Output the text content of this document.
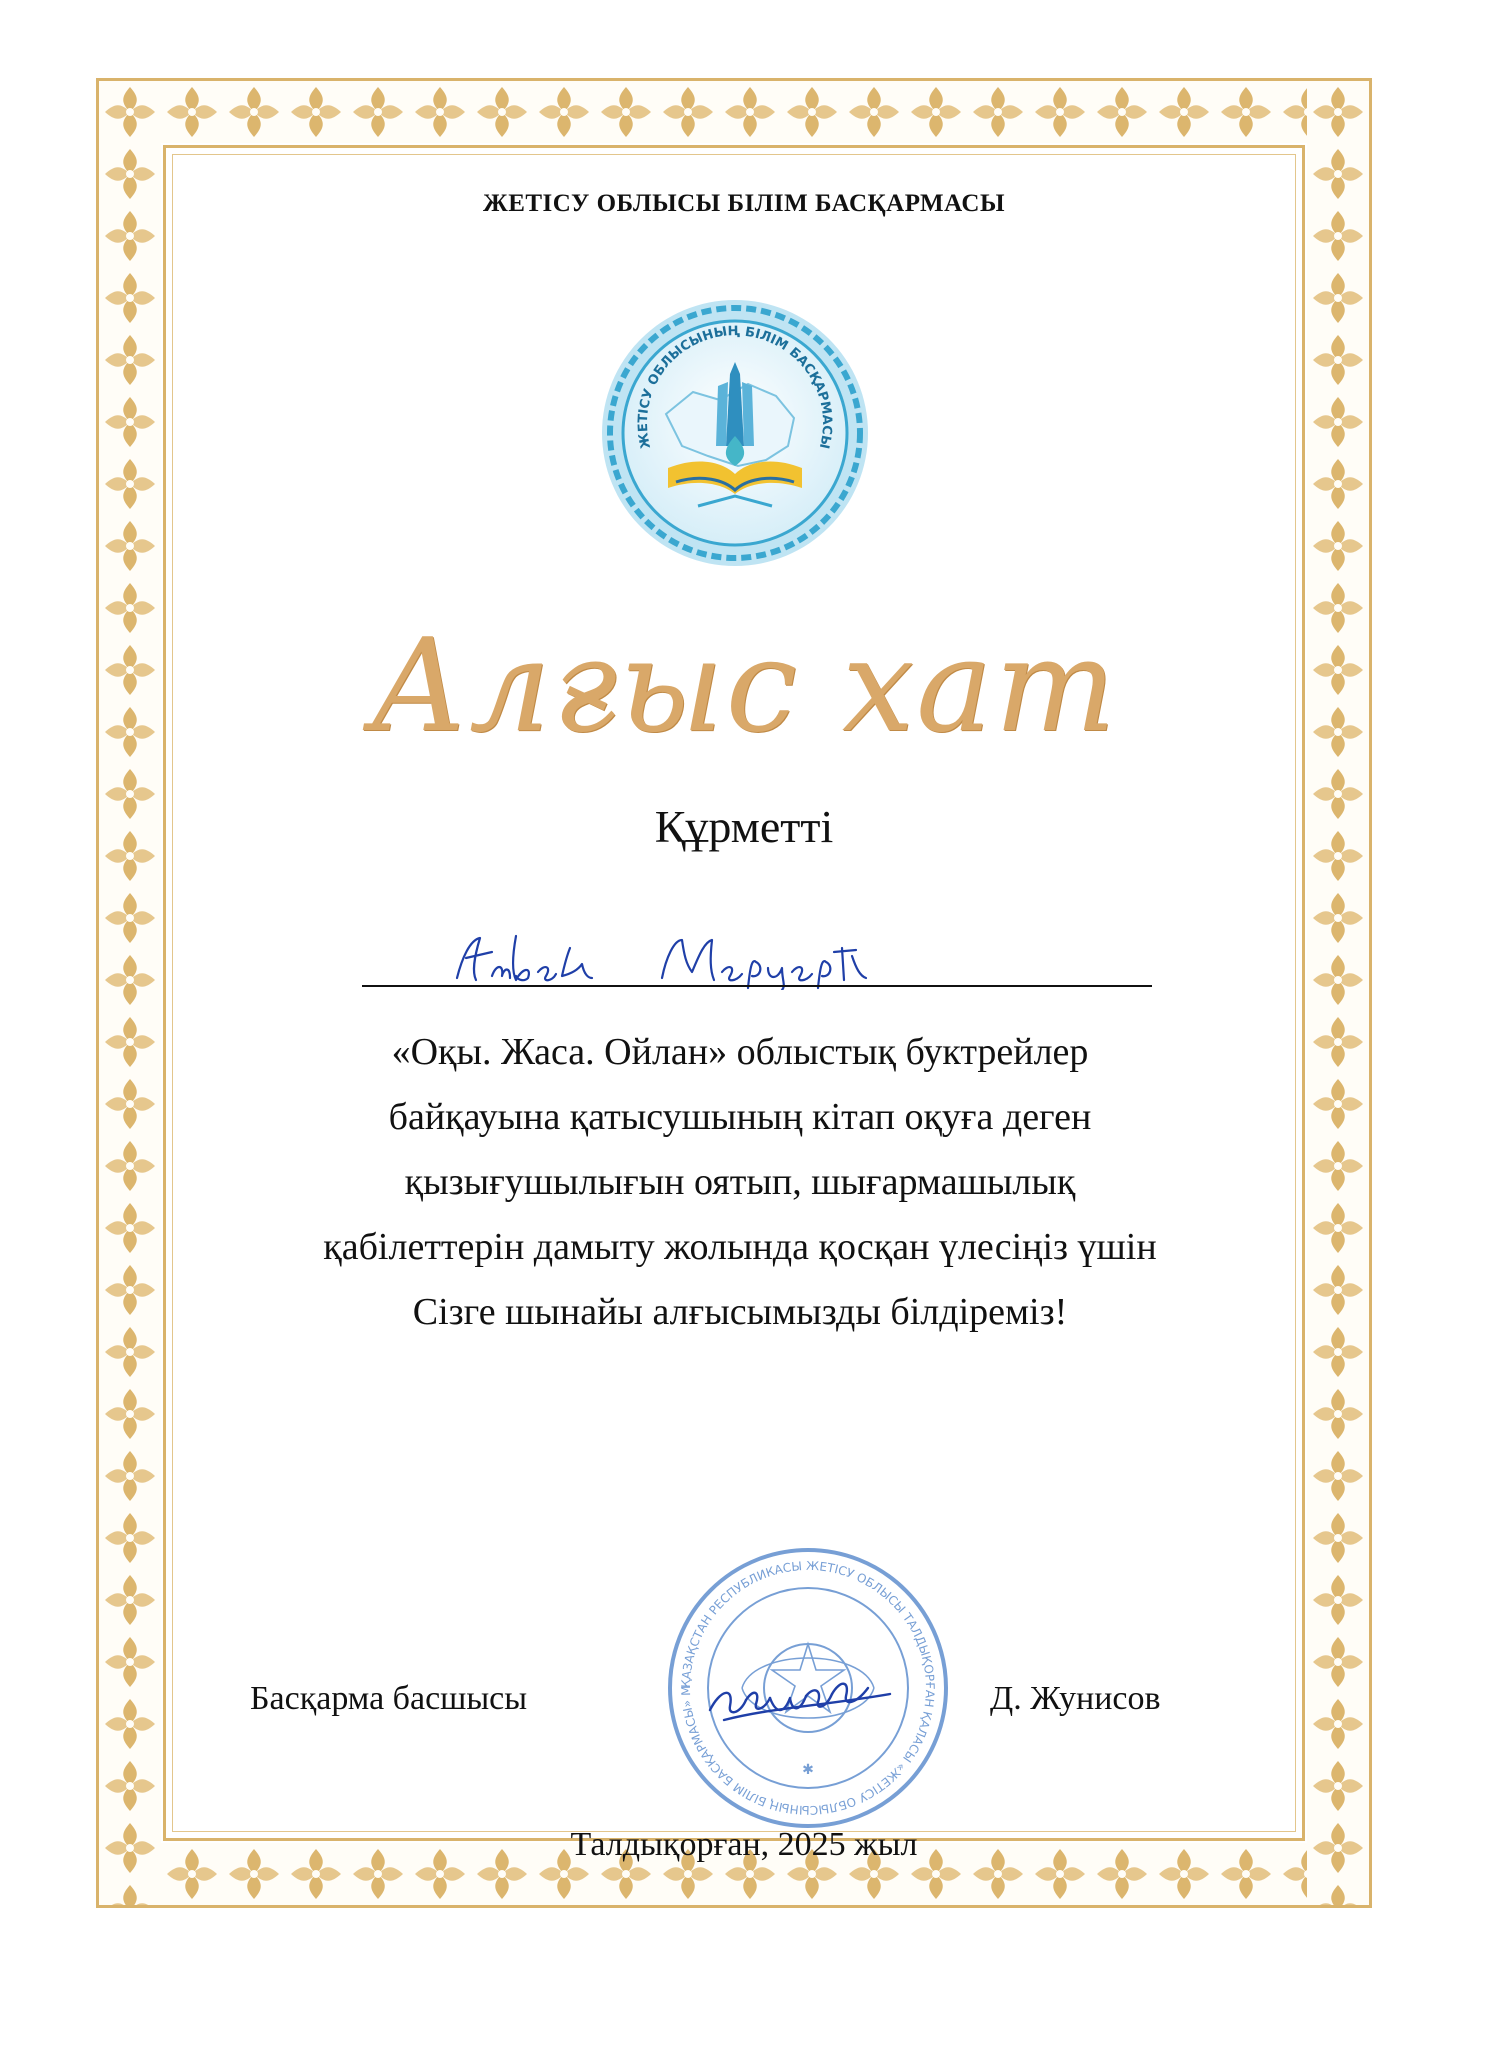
ЖЕТІСУ ОБЛЫСЫ БІЛІМ БАСҚАРМАСЫ
ЖЕТІСУ ОБЛЫСЫНЫҢ БІЛІМ БАСҚАРМАСЫ
Алғыс хат
Құрметті
«Оқы. Жаса. Ойлан» облыстық буктрейлер
байқауына қатысушының кітап оқуға деген
қызығушылығын оятып, шығармашылық
қабілеттерін дамыту жолында қосқан үлесіңіз үшін
Сізге шынайы алғысымызды білдіреміз!
Басқарма басшысы	ҚАЗАҚСТАН РЕСПУБЛИКАСЫ ЖЕТІСУ ОБЛЫСЫ ТАЛДЫҚОРҒАН ҚАЛАСЫ «ЖЕТІСУ ОБЛЫСЫНЫҢ БІЛІМ БАСҚАРМАСЫ» М
✱
Д. Жунисов
Талдықорған, 2025 жыл
